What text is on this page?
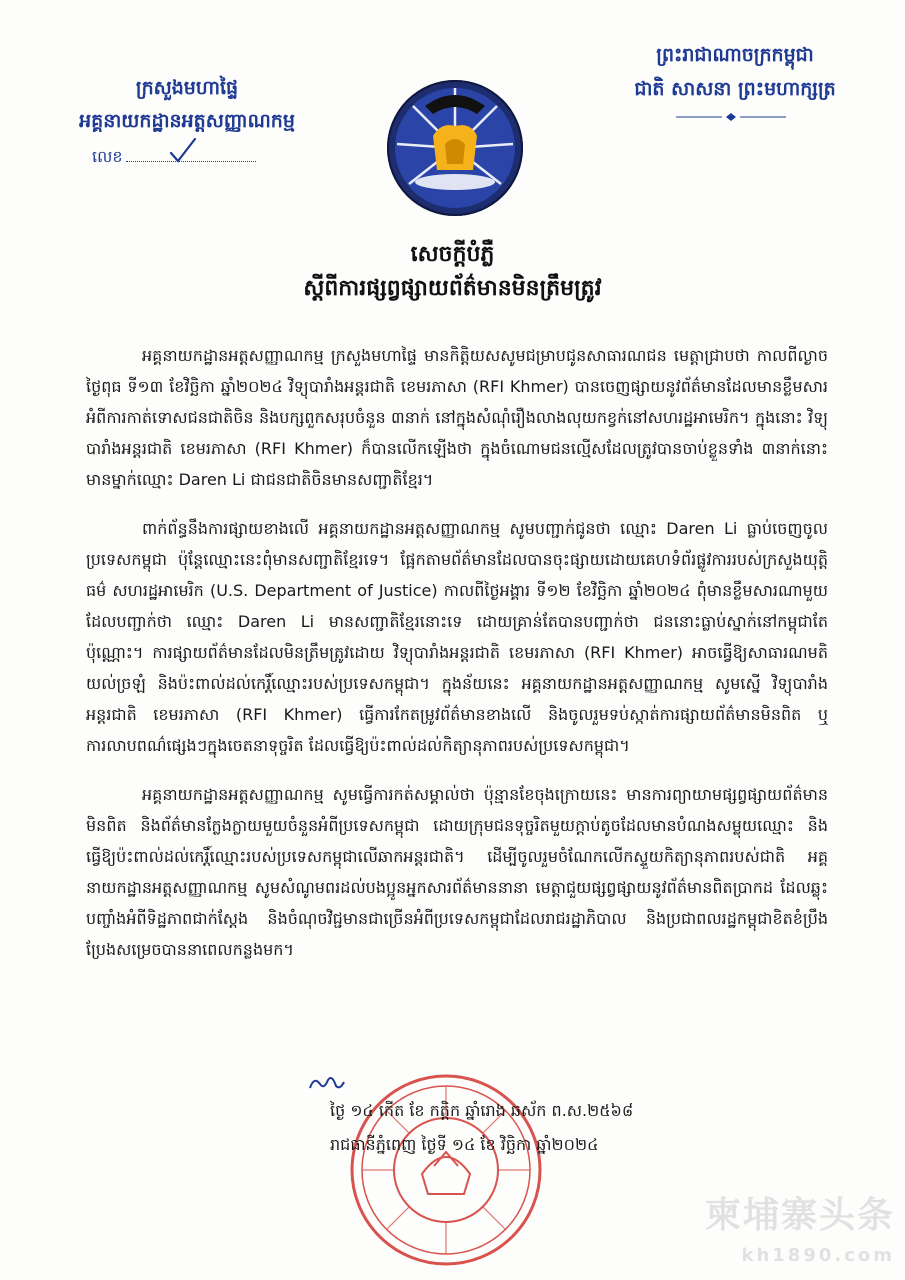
ក្រសួងមហាផ្ទៃ
អគ្គនាយកដ្ឋានអត្តសញ្ញាណកម្ម
លេខ
ព្រះរាជាណាចក្រកម្ពុជា
ជាតិ សាសនា ព្រះមហាក្សត្រ
សេចក្តីបំភ្លឺ
ស្តីពីការផ្សព្វផ្សាយព័ត៌មានមិនត្រឹមត្រូវ

អគ្គនាយកដ្ឋានអត្តសញ្ញាណកម្ម ក្រសួងមហាផ្ទៃ មានកិត្តិយសសូមជម្រាបជូនសាធារណជន មេត្តាជ្រាបថា កាលពីល្ងាចថ្ងៃពុធ ទី១៣ ខែវិច្ឆិកា ឆ្នាំ២០២៤ វិទ្យុបារាំងអន្តរជាតិ ខេមរភាសា (RFI Khmer) បានចេញផ្សាយនូវព័ត៌មានដែលមានខ្លឹមសារអំពីការកាត់ទោសជនជាតិចិន និងបក្សពួកសរុបចំនួន ៣នាក់ នៅក្នុងសំណុំរឿងលាងលុយកខ្វក់នៅសហរដ្ឋអាមេរិក។ ក្នុងនោះ វិទ្យុបារាំងអន្តរជាតិ ខេមរភាសា (RFI Khmer) ក៏បានលើកឡើងថា ក្នុងចំណោមជនល្មើសដែលត្រូវបានចាប់ខ្លួនទាំង ៣នាក់នោះ មានម្នាក់ឈ្មោះ Daren Li ជាជនជាតិចិនមានសញ្ជាតិខ្មែរ។

ពាក់ព័ន្ធនឹងការផ្សាយខាងលើ អគ្គនាយកដ្ឋានអត្តសញ្ញាណកម្ម សូមបញ្ជាក់ជូនថា ឈ្មោះ Daren Li ធ្លាប់ចេញចូលប្រទេសកម្ពុជា ប៉ុន្តែឈ្មោះនេះពុំមានសញ្ជាតិខ្មែរទេ។ ផ្អែកតាមព័ត៌មានដែលបានចុះផ្សាយដោយគេហទំព័រផ្លូវការរបស់ក្រសួងយុត្តិធម៌ សហរដ្ឋអាមេរិក (U.S. Department of Justice) កាលពីថ្ងៃអង្គារ ទី១២ ខែវិច្ឆិកា ឆ្នាំ២០២៤ ពុំមានខ្លឹមសារណាមួយដែលបញ្ជាក់ថា ឈ្មោះ Daren Li មានសញ្ជាតិខ្មែរនោះទេ ដោយគ្រាន់តែបានបញ្ជាក់ថា ជននោះធ្លាប់ស្នាក់នៅកម្ពុជាតែប៉ុណ្ណោះ។ ការផ្សាយព័ត៌មានដែលមិនត្រឹមត្រូវដោយ វិទ្យុបារាំងអន្តរជាតិ ខេមរភាសា (RFI Khmer) អាចធ្វើឱ្យសាធារណមតិយល់ច្រឡំ និងប៉ះពាល់ដល់កេរ្តិ៍ឈ្មោះរបស់ប្រទេសកម្ពុជា។ ក្នុងន័យនេះ អគ្គនាយកដ្ឋានអត្តសញ្ញាណកម្ម សូមស្នើ វិទ្យុបារាំងអន្តរជាតិ ខេមរភាសា (RFI Khmer) ធ្វើការកែតម្រូវព័ត៌មានខាងលើ និងចូលរួមទប់ស្កាត់ការផ្សាយព័ត៌មានមិនពិត ឬការលាបពណ៌ផ្សេងៗក្នុងចេតនាទុច្ចរិត ដែលធ្វើឱ្យប៉ះពាល់ដល់កិត្យានុភាពរបស់ប្រទេសកម្ពុជា។

អគ្គនាយកដ្ឋានអត្តសញ្ញាណកម្ម សូមធ្វើការកត់សម្គាល់ថា ប៉ុន្មានខែចុងក្រោយនេះ មានការព្យាយាមផ្សព្វផ្សាយព័ត៌មានមិនពិត និងព័ត៌មានក្លែងក្លាយមួយចំនួនអំពីប្រទេសកម្ពុជា ដោយក្រុមជនទុច្ចរិតមួយក្តាប់តូចដែលមានបំណងសម្លុយឈ្មោះ និងធ្វើឱ្យប៉ះពាល់ដល់កេរ្តិ៍ឈ្មោះរបស់ប្រទេសកម្ពុជាលើឆាកអន្តរជាតិ។ ដើម្បីចូលរួមចំណែកលើកស្ទួយកិត្យានុភាពរបស់ជាតិ អគ្គនាយកដ្ឋានអត្តសញ្ញាណកម្ម សូមសំណូមពរដល់បងប្អូនអ្នកសារព័ត៌មាននានា មេត្តាជួយផ្សព្វផ្សាយនូវព័ត៌មានពិតប្រាកដ ដែលឆ្លុះបញ្ចាំងអំពីទិដ្ឋភាពជាក់ស្តែង និងចំណុចវិជ្ជមានជាច្រើនអំពីប្រទេសកម្ពុជាដែលរាជរដ្ឋាភិបាល និងប្រជាពលរដ្ឋកម្ពុជាខិតខំប្រឹងប្រែងសម្រេចបាននាពេលកន្លងមក។

ថ្ងៃ ១៤ កើត ខែ កត្តិក ឆ្នាំរោង ឆស័ក ព.ស.២៥៦៨
រាជធានីភ្នំពេញ ថ្ងៃទី ១៤ ខែ វិច្ឆិកា ឆ្នាំ២០២៤
柬埔寨头条
kh1890.com
